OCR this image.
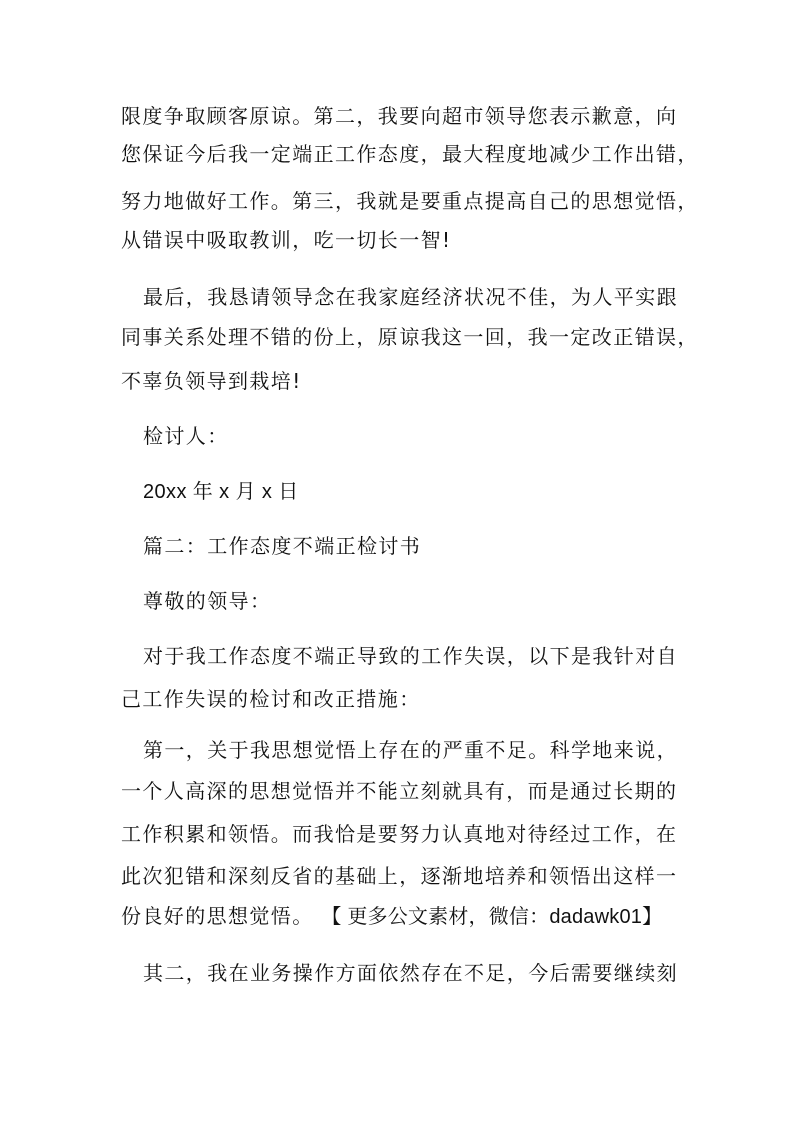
限度争取顾客原谅。第二，我要向超市领导您表示歉意，向
您保证今后我一定端正工作态度，最大程度地减少工作出错，
努力地做好工作。第三，我就是要重点提高自己的思想觉悟，
从错误中吸取教训，吃一切长一智!
最后，我恳请领导念在我家庭经济状况不佳，为人平实跟
同事关系处理不错的份上，原谅我这一回，我一定改正错误，
不辜负领导到栽培!
检讨人：
20xx 年 x 月 x 日
篇二：工作态度不端正检讨书
尊敬的领导：
对于我工作态度不端正导致的工作失误，以下是我针对自
己工作失误的检讨和改正措施：
第一，关于我思想觉悟上存在的严重不足。科学地来说，
一个人高深的思想觉悟并不能立刻就具有，而是通过长期的
工作积累和领悟。而我恰是要努力认真地对待经过工作，在
此次犯错和深刻反省的基础上，逐渐地培养和领悟出这样一
份良好的思想觉悟。 【 更多公文素材，微信：dadawk01】
其二，我在业务操作方面依然存在不足，今后需要继续刻
